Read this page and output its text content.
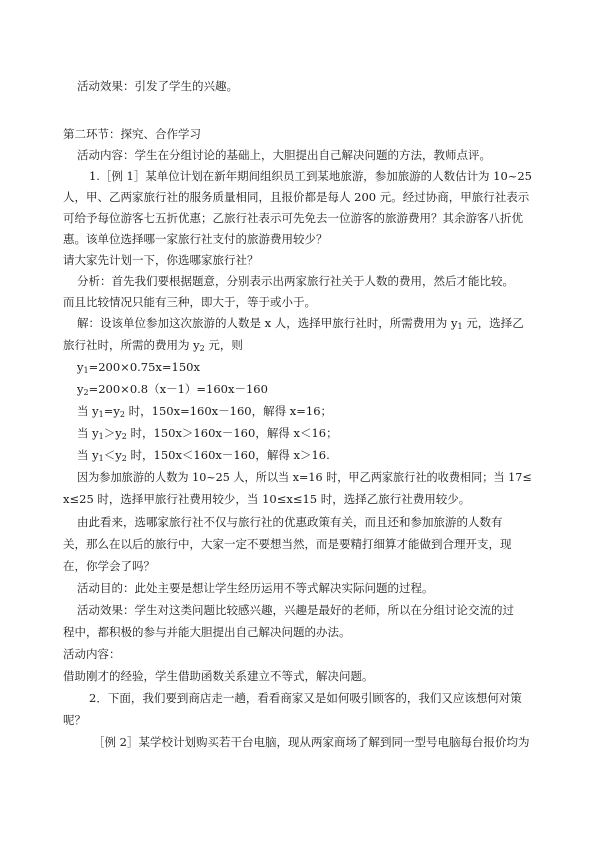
活动效果：引发了学生的兴趣。
第二环节：探究、合作学习
活动内容：学生在分组讨论的基础上，大胆提出自己解决问题的方法，教师点评。
1.［例 1］某单位计划在新年期间组织员工到某地旅游，参加旅游的人数估计为 10~25
人，甲、乙两家旅行社的服务质量相同，且报价都是每人 200 元。经过协商，甲旅行社表示
可给予每位游客七五折优惠；乙旅行社表示可先免去一位游客的旅游费用？其余游客八折优
惠。该单位选择哪一家旅行社支付的旅游费用较少？
请大家先计划一下，你选哪家旅行社？
分析：首先我们要根据题意，分别表示出两家旅行社关于人数的费用，然后才能比较。
而且比较情况只能有三种，即大于，等于或小于。
解：设该单位参加这次旅游的人数是 x 人，选择甲旅行社时，所需费用为 $y_1$ 元，选择乙
旅行社时，所需的费用为 $y_2$ 元，则
$y_1=200\times 0.75x=150x$
$y_2=200\times 0.8(x-1)=160x-160$
当 $y_1=y_2$ 时，150x=160x－160，解得 x=16；
当 $y_1>y_2$ 时，150x＞160x－160，解得 x＜16；
当 $y_1<y_2$ 时，150x＜160x－160，解得 x＞16.
因为参加旅游的人数为 10~25 人，所以当 x=16 时，甲乙两家旅行社的收费相同；当 17≤
x≤25 时，选择甲旅行社费用较少，当 10≤x≤15 时，选择乙旅行社费用较少。
由此看来，选哪家旅行社不仅与旅行社的优惠政策有关，而且还和参加旅游的人数有
关，那么在以后的旅行中，大家一定不要想当然，而是要精打细算才能做到合理开支，现
在，你学会了吗？
活动目的：此处主要是想让学生经历运用不等式解决实际问题的过程。
活动效果：学生对这类问题比较感兴趣，兴趣是最好的老师，所以在分组讨论交流的过
程中，都积极的参与并能大胆提出自己解决问题的办法。
活动内容：
借助刚才的经验，学生借助函数关系建立不等式，解决问题。
2．下面，我们要到商店走一趟，看看商家又是如何吸引顾客的，我们又应该想何对策
呢？
［例 2］某学校计划购买若干台电脑，现从两家商场了解到同一型号电脑每台报价均为
